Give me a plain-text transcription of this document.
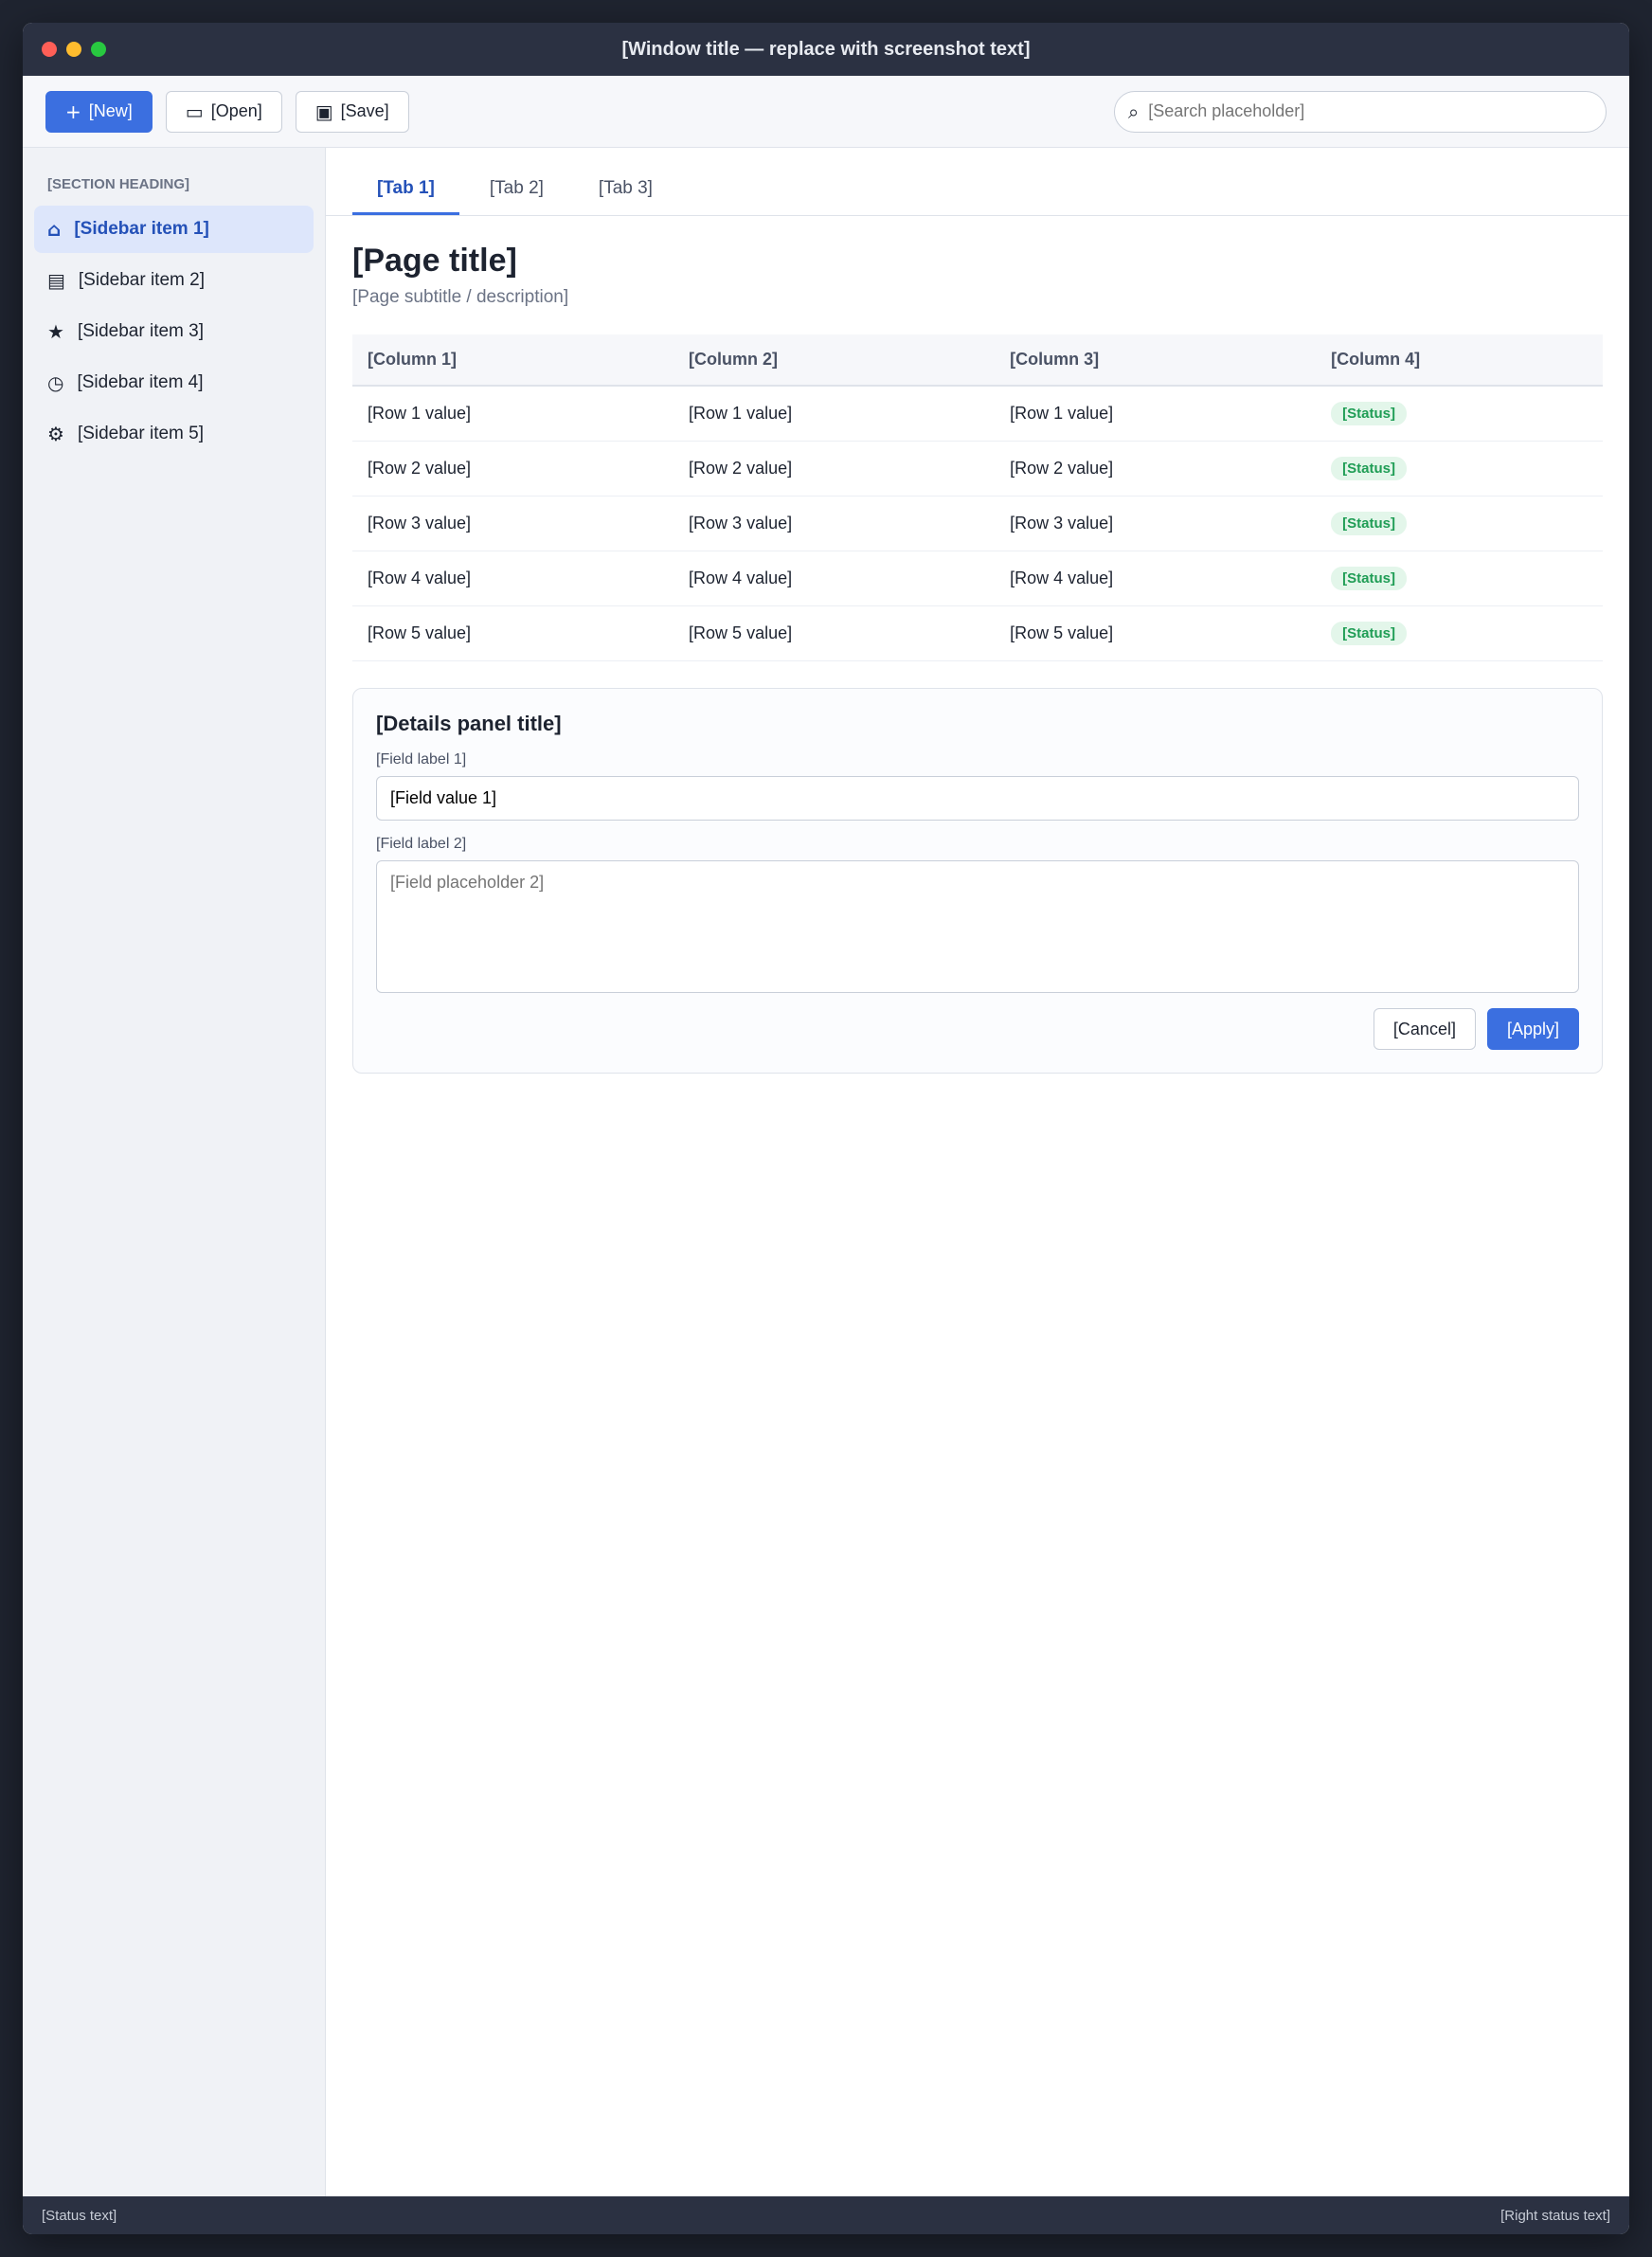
[Window title — replace with screenshot text]
+ [New]	▭ [Open]	▣ [Save]	⌕
[Search placeholder]
[SECTION HEADING]
⌂ [Sidebar item 1]
▤ [Sidebar item 2]
★ [Sidebar item 3]
◷ [Sidebar item 4]
⚙ [Sidebar item 5]
[Tab 1]	[Tab 2]	[Tab 3]
[Page title]
[Page subtitle / description]
[Column 1]	[Column 2]	[Column 3]	[Column 4]
[Row 1 value]	[Row 1 value]	[Row 1 value]	[Status]
[Row 2 value]	[Row 2 value]	[Row 2 value]	[Status]
[Row 3 value]	[Row 3 value]	[Row 3 value]	[Status]
[Row 4 value]	[Row 4 value]	[Row 4 value]	[Status]
[Row 5 value]	[Row 5 value]	[Row 5 value]	[Status]
[Details panel title]
[Field label 1]
[Field value 1]
[Field label 2]
[Field placeholder 2]
[Cancel]	[Apply]
[Status text]	[Right status text]
